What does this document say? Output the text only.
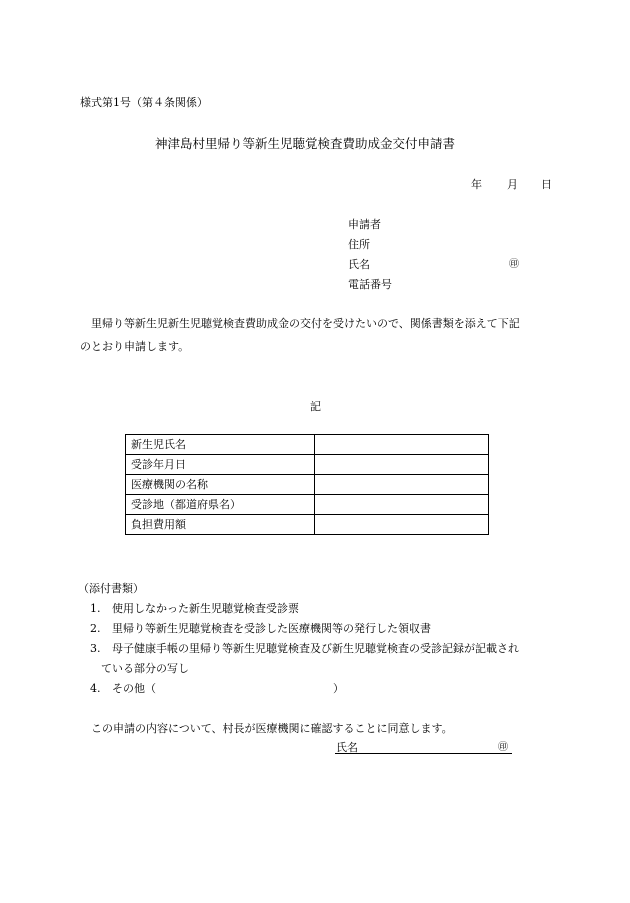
様式第1号（第４条関係）
神津島村里帰り等新生児聴覚検査費助成金交付申請書
年 月 日
申請者
住所
氏名	㊞
電話番号
里帰り等新生児新生児聴覚検査費助成金の交付を受けたいので、関係書類を添えて下記
のとおり申請します。
記
新生児氏名	
受診年月日	
医療機関の名称	
受診地（都道府県名）	
負担費用額	
（添付書類）
1. 使用しなかった新生児聴覚検査受診票
2. 里帰り等新生児聴覚検査を受診した医療機関等の発行した領収書
3. 母子健康手帳の里帰り等新生児聴覚検査及び新生児聴覚検査の受診記録が記載され
ている部分の写し
4. その他（	）
この申請の内容について、村長が医療機関に確認することに同意します。
氏名	㊞
